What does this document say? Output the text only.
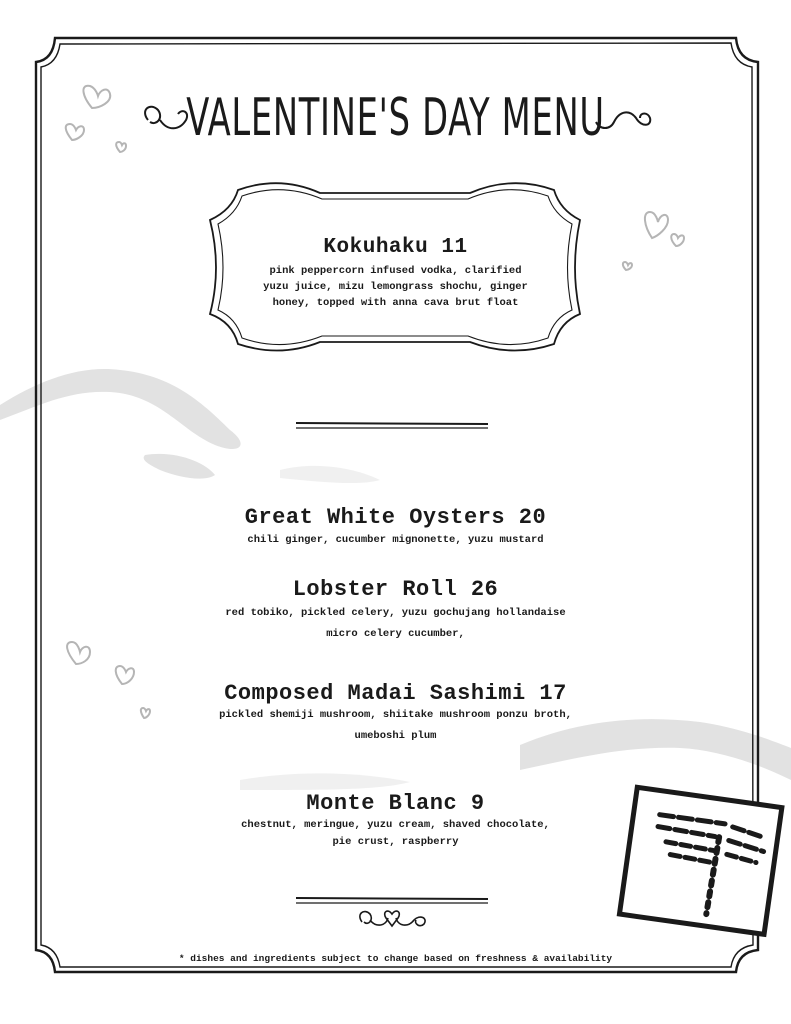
VALENTINE'S DAY MENU
Kokuhaku 11
pink peppercorn infused vodka, clarified
yuzu juice, mizu lemongrass shochu, ginger
honey, topped with anna cava brut float
Great White Oysters 20
chili ginger, cucumber mignonette, yuzu mustard
Lobster Roll 26
red tobiko, pickled celery, yuzu gochujang hollandaise
micro celery cucumber,
Composed Madai Sashimi 17
pickled shemiji mushroom, shiitake mushroom ponzu broth,
umeboshi plum
Monte Blanc 9
chestnut, meringue, yuzu cream, shaved chocolate,
pie crust, raspberry
* dishes and ingredients subject to change based on freshness & availability
